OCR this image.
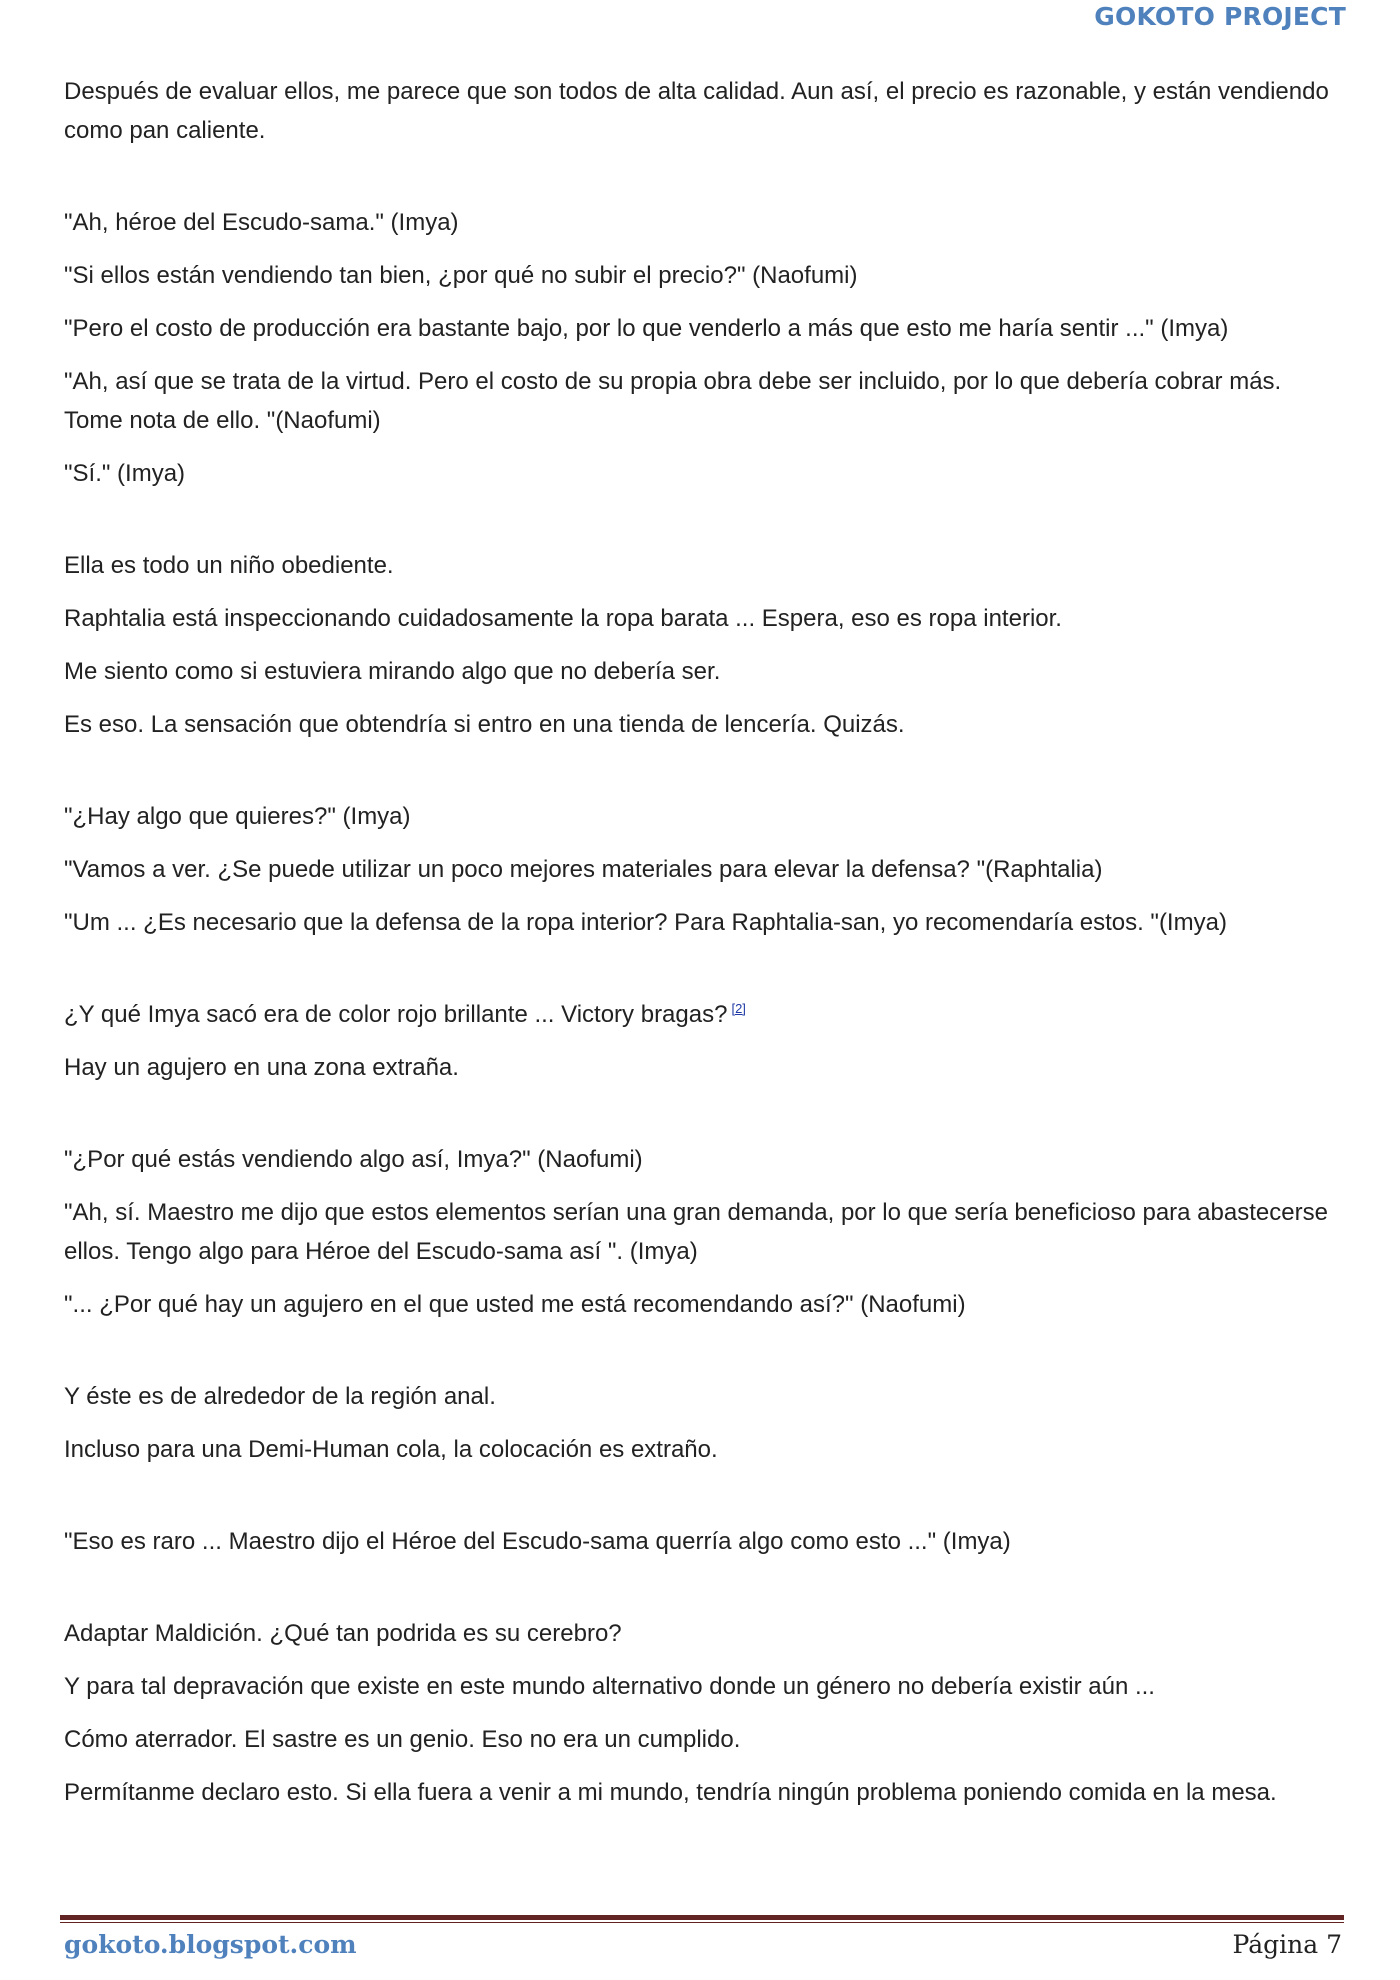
GOKOTO PROJECT

Después de evaluar ellos, me parece que son todos de alta calidad. Aun así, el precio es razonable, y están vendiendo como pan caliente.

"Ah, héroe del Escudo-sama." (Imya)

"Si ellos están vendiendo tan bien, ¿por qué no subir el precio?" (Naofumi)

"Pero el costo de producción era bastante bajo, por lo que venderlo a más que esto me haría sentir ..." (Imya)

"Ah, así que se trata de la virtud. Pero el costo de su propia obra debe ser incluido, por lo que debería cobrar más. Tome nota de ello. "(Naofumi)

"Sí." (Imya)

Ella es todo un niño obediente.

Raphtalia está inspeccionando cuidadosamente la ropa barata ... Espera, eso es ropa interior.

Me siento como si estuviera mirando algo que no debería ser.

Es eso. La sensación que obtendría si entro en una tienda de lencería. Quizás.

"¿Hay algo que quieres?" (Imya)

"Vamos a ver. ¿Se puede utilizar un poco mejores materiales para elevar la defensa? "(Raphtalia)

"Um ... ¿Es necesario que la defensa de la ropa interior? Para Raphtalia-san, yo recomendaría estos. "(Imya)

¿Y qué Imya sacó era de color rojo brillante ... Victory bragas? [2]

Hay un agujero en una zona extraña.

"¿Por qué estás vendiendo algo así, Imya?" (Naofumi)

"Ah, sí. Maestro me dijo que estos elementos serían una gran demanda, por lo que sería beneficioso para abastecerse ellos. Tengo algo para Héroe del Escudo-sama así ". (Imya)

"... ¿Por qué hay un agujero en el que usted me está recomendando así?" (Naofumi)

Y éste es de alrededor de la región anal.

Incluso para una Demi-Human cola, la colocación es extraño.

"Eso es raro ... Maestro dijo el Héroe del Escudo-sama querría algo como esto ..." (Imya)

Adaptar Maldición. ¿Qué tan podrida es su cerebro?

Y para tal depravación que existe en este mundo alternativo donde un género no debería existir aún ...

Cómo aterrador. El sastre es un genio. Eso no era un cumplido.

Permítanme declaro esto. Si ella fuera a venir a mi mundo, tendría ningún problema poniendo comida en la mesa.

gokoto.blogspot.com	Página 7
